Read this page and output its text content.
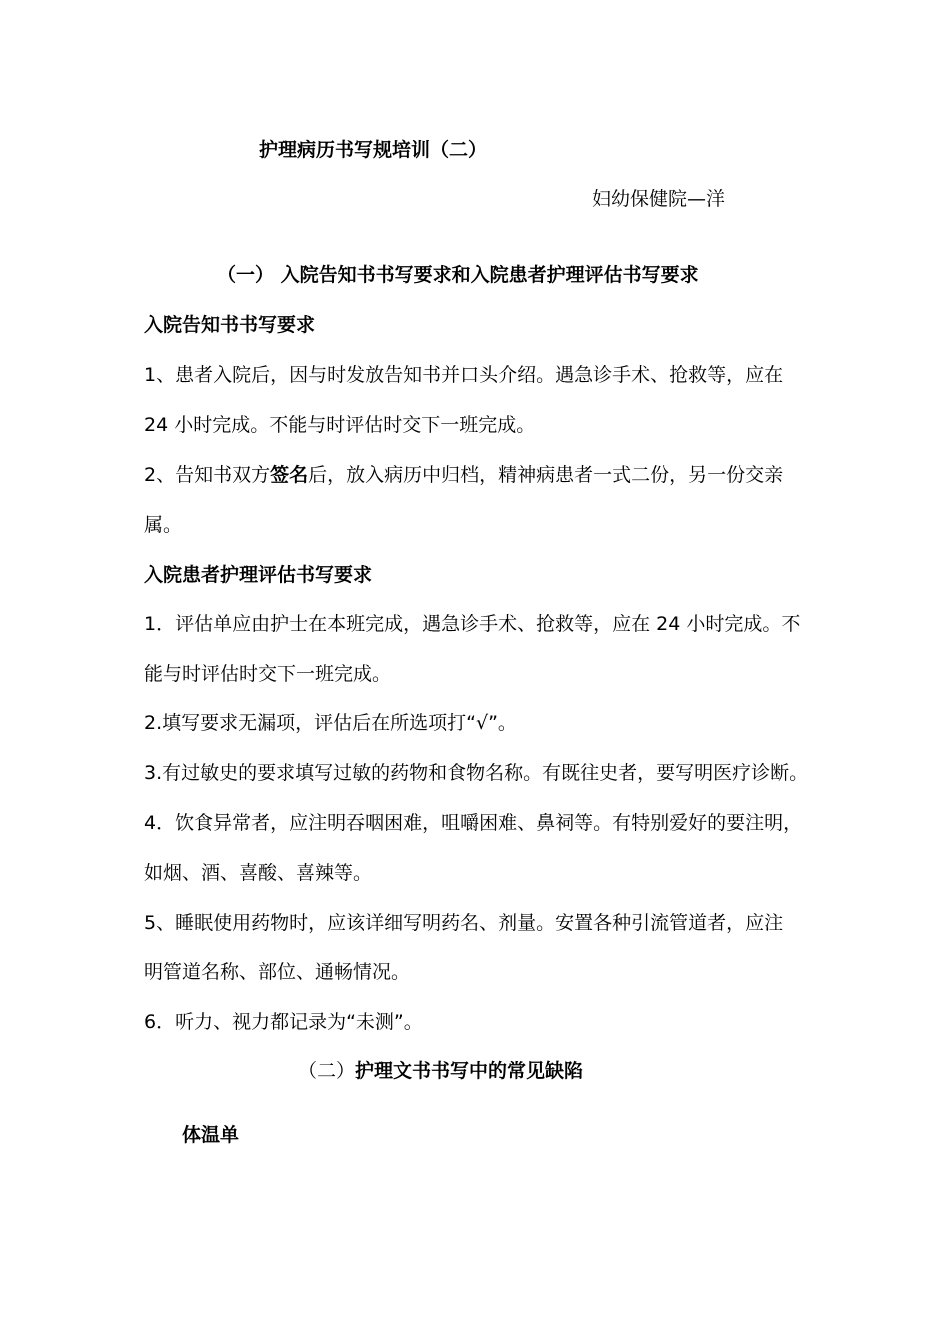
护理病历书写规培训（二）
妇幼保健院—洋
（一） 入院告知书书写要求和入院患者护理评估书写要求
入院告知书书写要求
1、患者入院后，因与时发放告知书并口头介绍。遇急诊手术、抢救等，应在
24 小时完成。不能与时评估时交下一班完成。
2、告知书双方签名后，放入病历中归档，精神病患者一式二份，另一份交亲
属。
入院患者护理评估书写要求
1．评估单应由护士在本班完成，遇急诊手术、抢救等，应在 24 小时完成。不
能与时评估时交下一班完成。
2.填写要求无漏项，评估后在所选项打“√”。
3.有过敏史的要求填写过敏的药物和食物名称。有既往史者，要写明医疗诊断。
4．饮食异常者，应注明吞咽困难，咀嚼困难、鼻祠等。有特别爱好的要注明，
如烟、酒、喜酸、喜辣等。
5、睡眠使用药物时，应该详细写明药名、剂量。安置各种引流管道者，应注
明管道名称、部位、通畅情况。
6．听力、视力都记录为“未测”。
（二）护理文书书写中的常见缺陷
体温单
